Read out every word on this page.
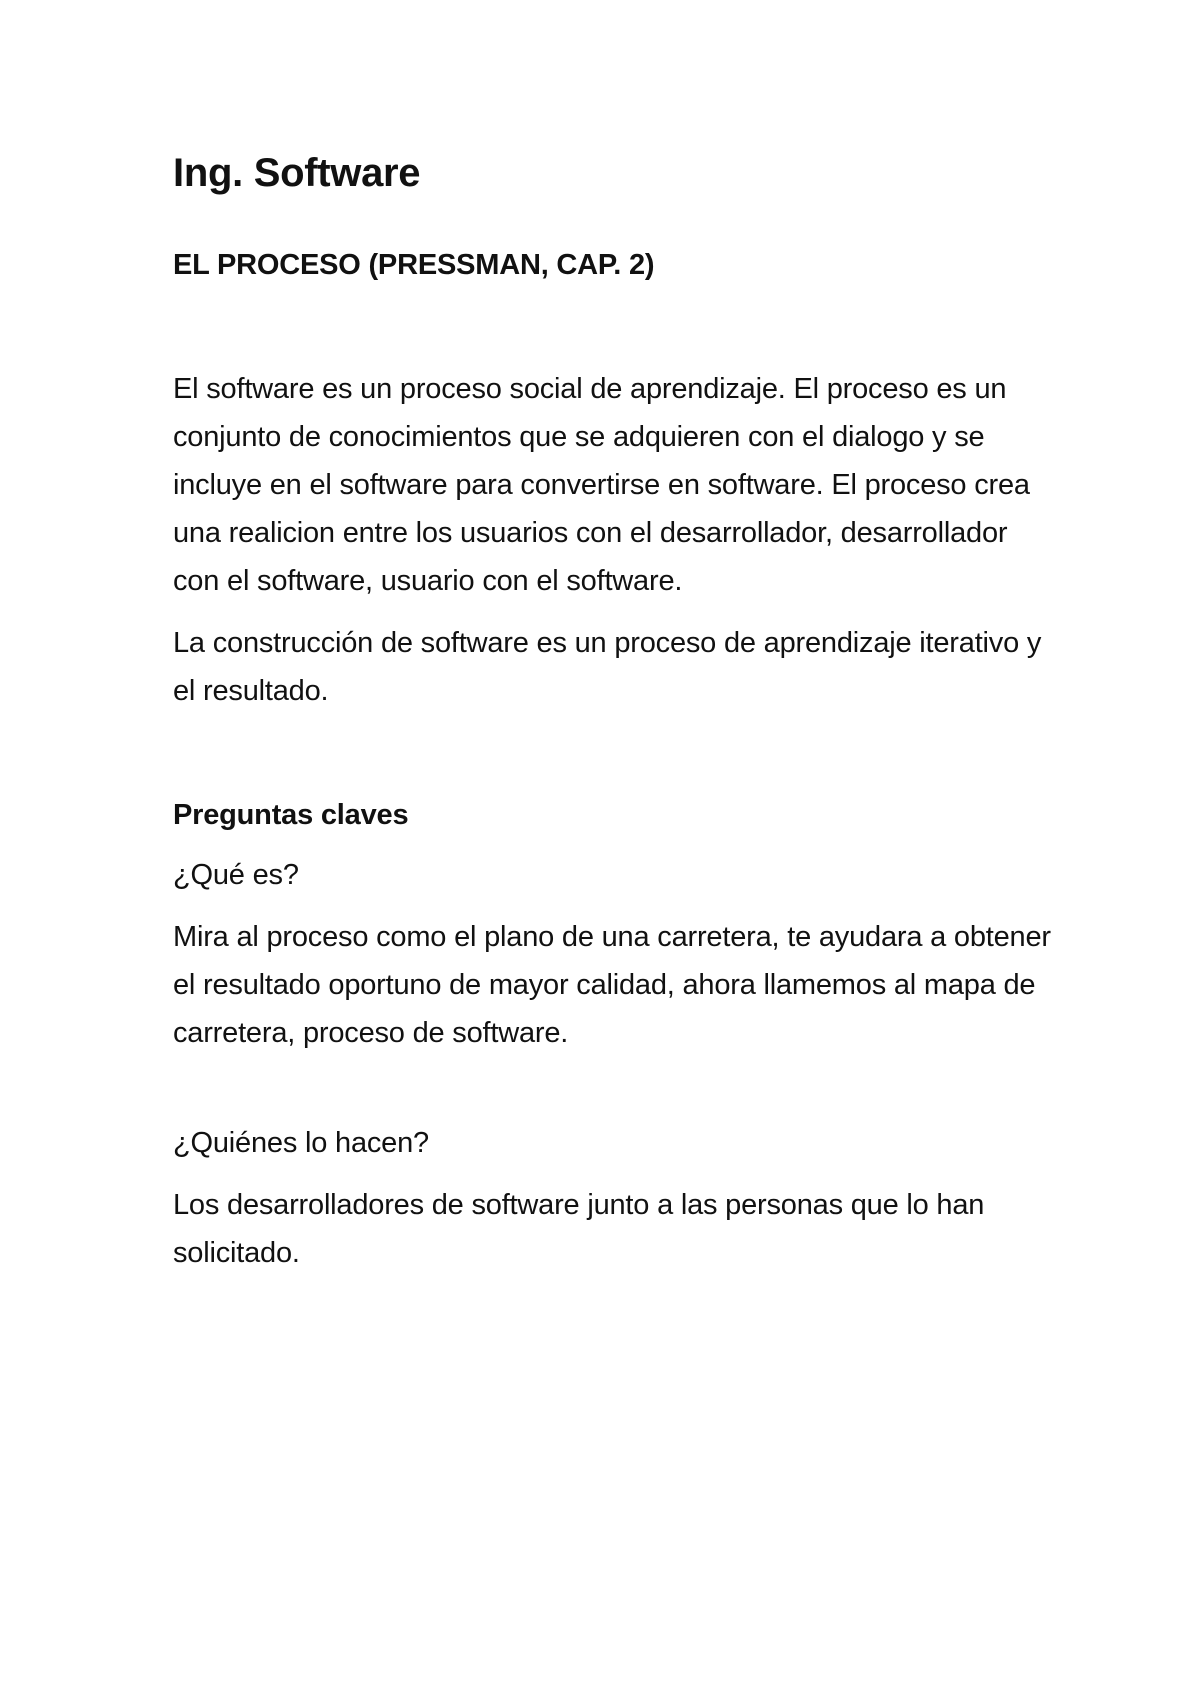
Ing. Software
EL PROCESO (PRESSMAN, CAP. 2)

El software es un proceso social de aprendizaje. El proceso es un conjunto de conocimientos que se adquieren con el dialogo y se incluye en el software para convertirse en software. El proceso crea una realicion entre los usuarios con el desarrollador, desarrollador con el software, usuario con el software.

La construcción de software es un proceso de aprendizaje iterativo y el resultado.

Preguntas claves

¿Qué es?

Mira al proceso como el plano de una carretera, te ayudara a obtener el resultado oportuno de mayor calidad, ahora llamemos al mapa de carretera, proceso de software.

¿Quiénes lo hacen?

Los desarrolladores de software junto a las personas que lo han solicitado.
